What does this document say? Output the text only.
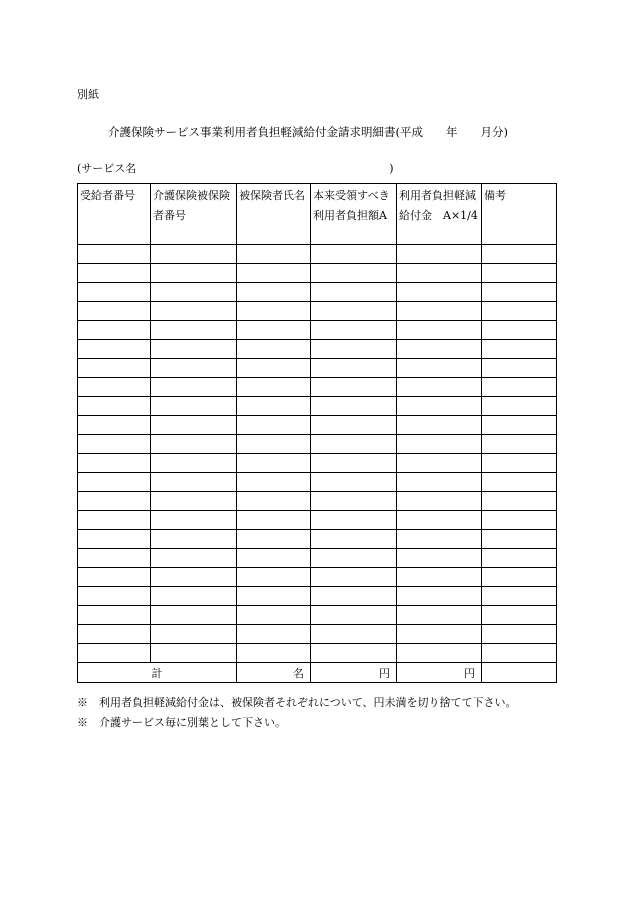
別紙
介護保険サービス事業利用者負担軽減給付金請求明細書(平成　　年　　月分)
(サービス名　　　　　　　　　　　　　　　　　　　　　　　)
受給者番号	介護保険被保険者番号	被保険者氏名	本来受領すべき利用者負担額A	利用者負担軽減給付金　A×1/4	備考

計		名	円	円	
※　利用者負担軽減給付金は、被保険者それぞれについて、円未満を切り捨てて下さい。
※　介護サービス毎に別葉として下さい。
